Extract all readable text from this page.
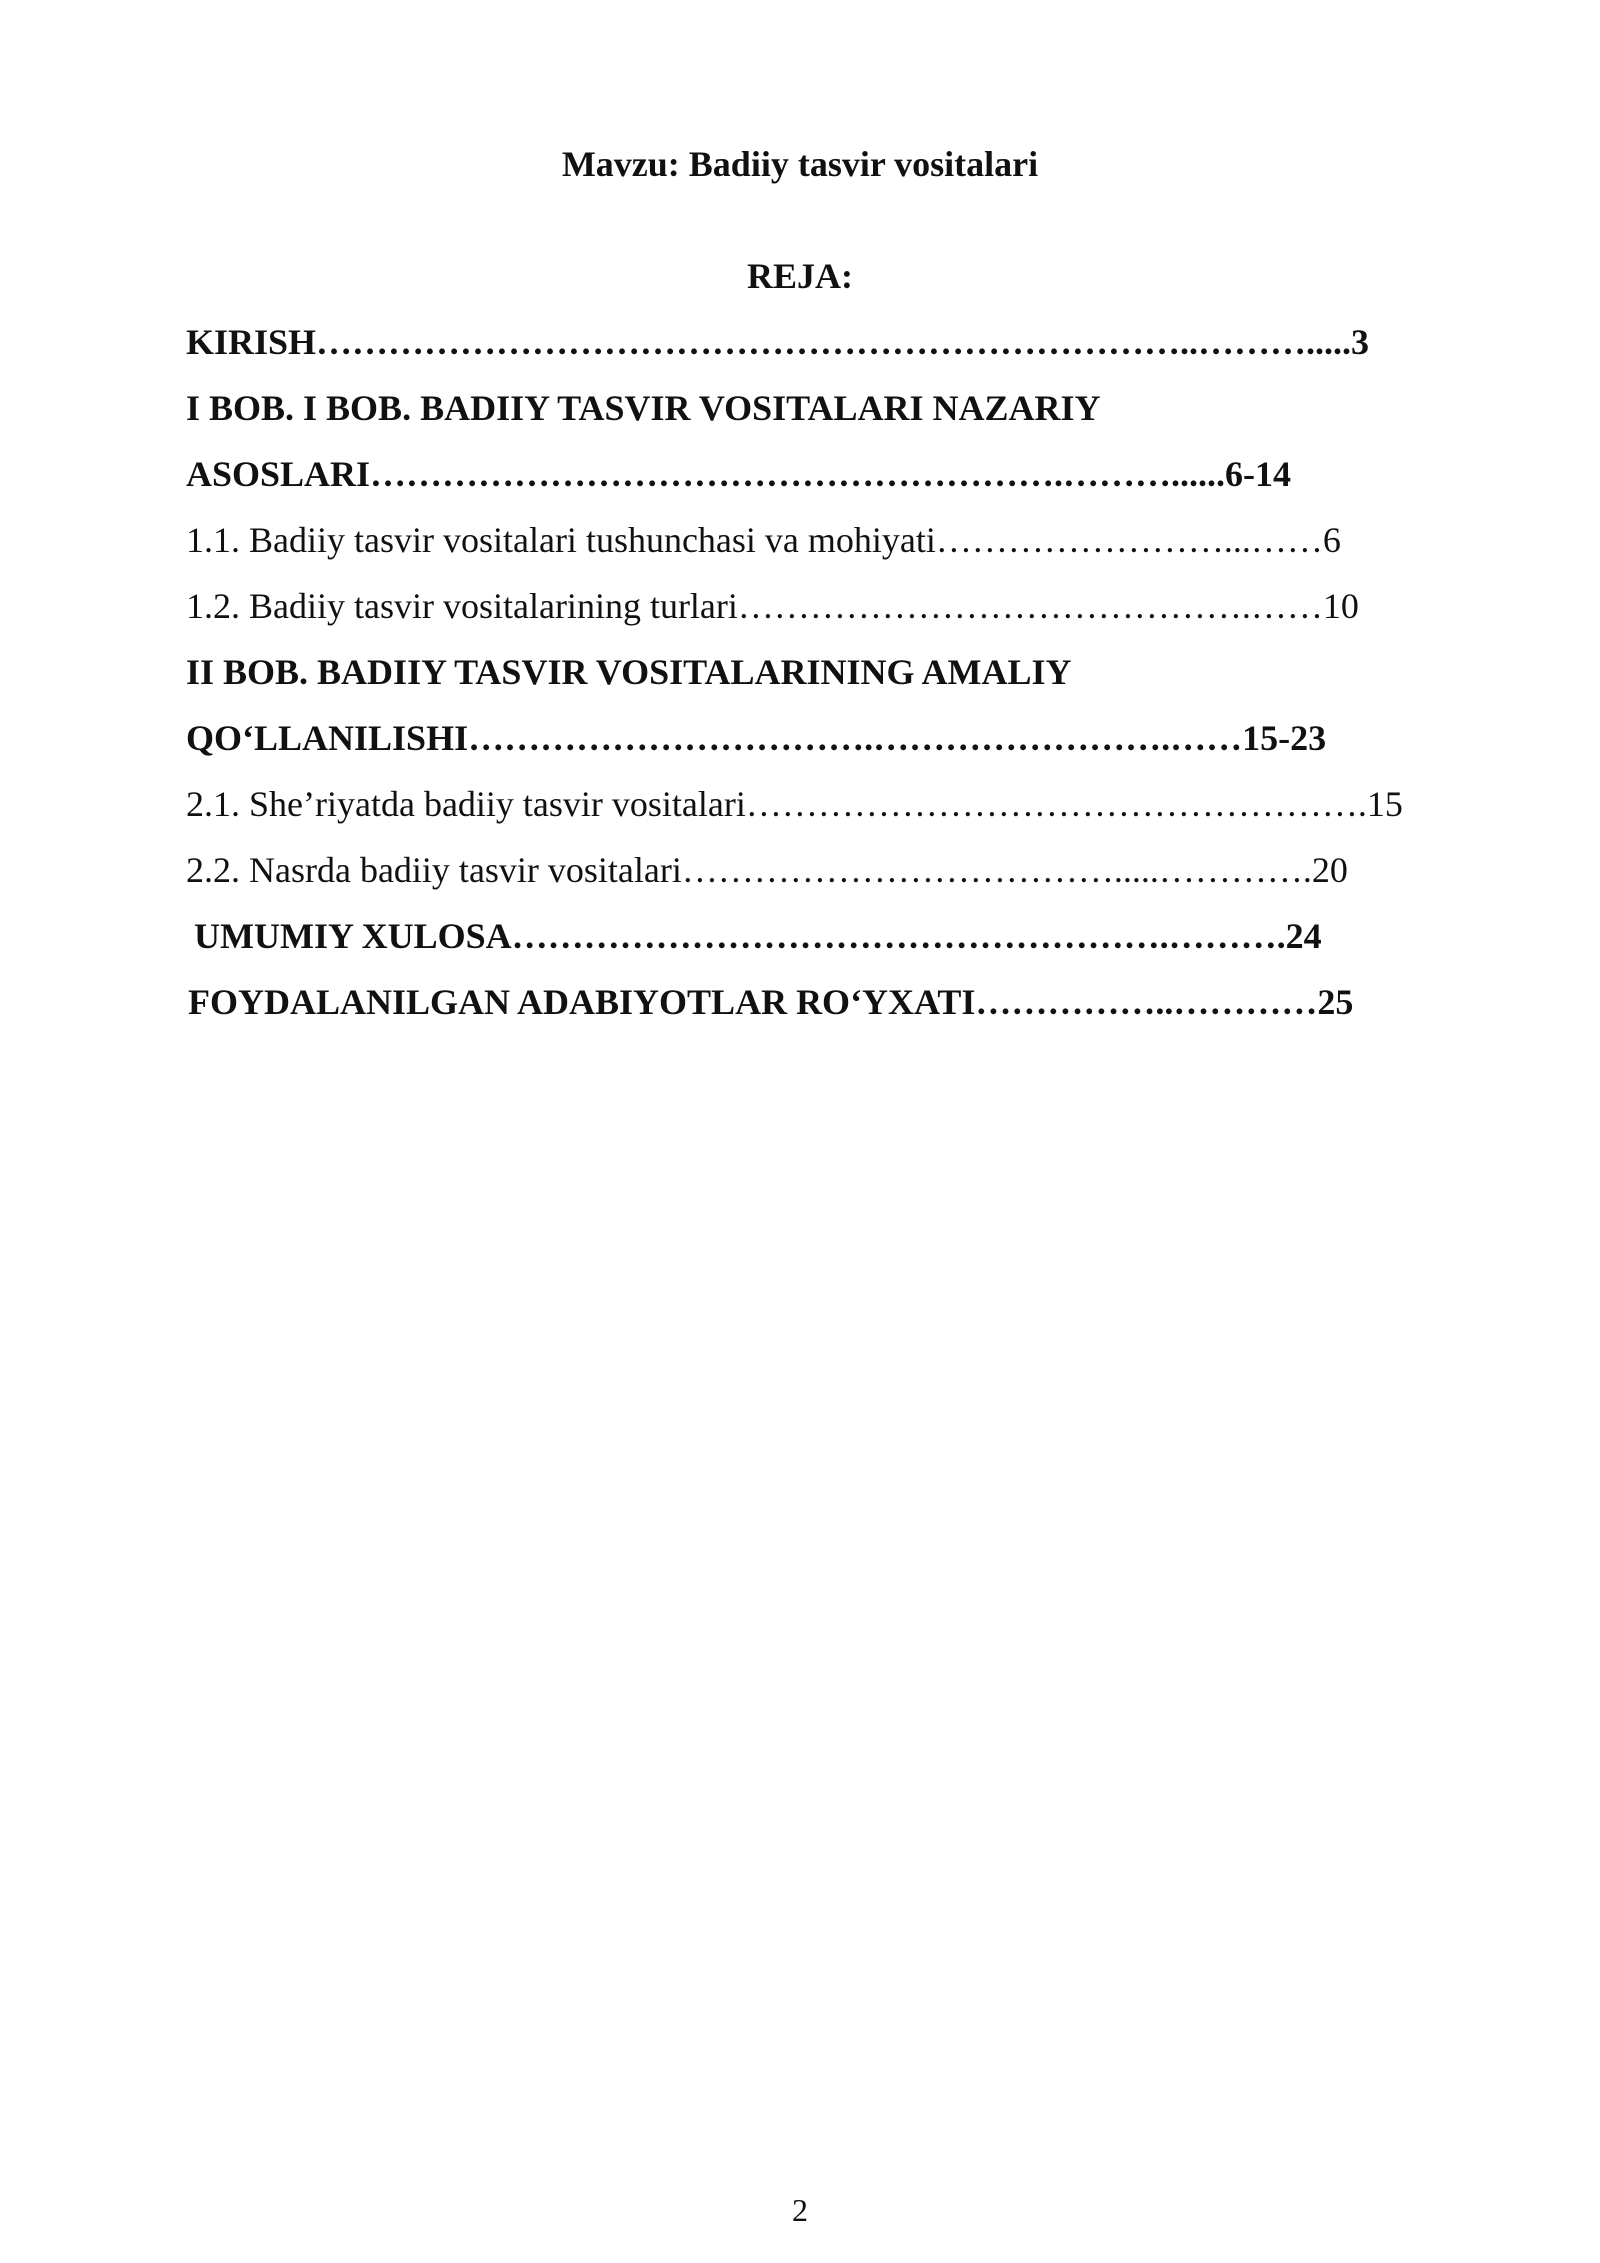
Mavzu: Badiiy tasvir vositalari
REJA:
KIRISH………………………………………………………………..……….....3
I BOB. I BOB. BADIIY TASVIR VOSITALARI NAZARIY
ASOSLARI………………………………………………….………......6-14
1.1. Badiiy tasvir vositalari tushunchasi va mohiyati……………………...……6
1.2. Badiiy tasvir vositalarining turlari…………………………………….……10
II BOB. BADIIY TASVIR VOSITALARINING AMALIY
QO‘LLANILISHI…………………………….…………………….……15-23
2.1. She’riyatda badiiy tasvir vositalari…………………………………………….15
2.2. Nasrda badiiy tasvir vositalari……………………………….....………….20
UMUMIY XULOSA……………………………………………….……….24
FOYDALANILGAN ADABIYOTLAR RO‘YXATI……………..…………25
2
